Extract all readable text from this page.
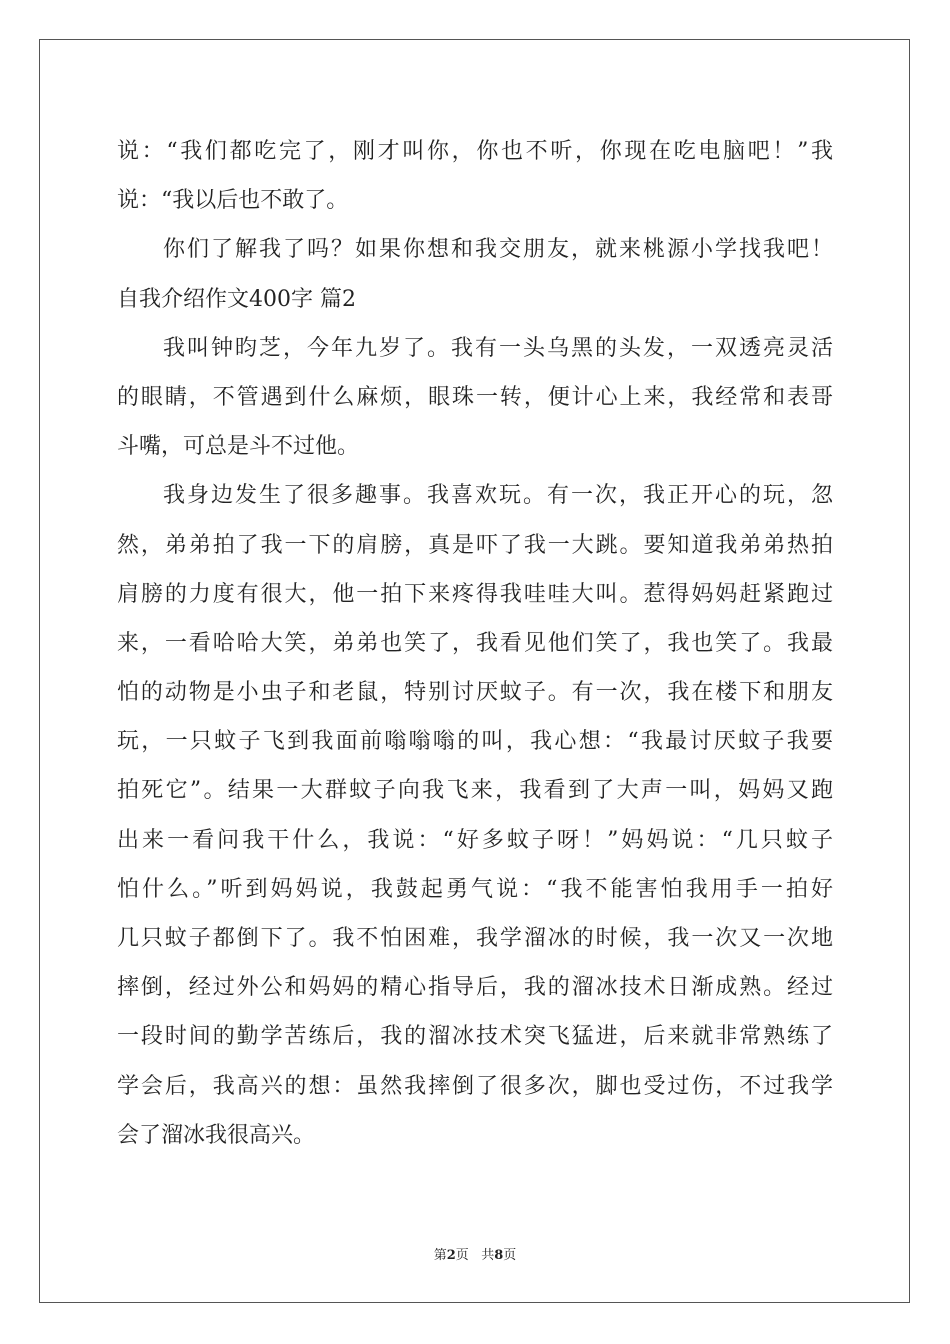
说：“我们都吃完了，刚才叫你，你也不听，你现在吃电脑吧！”我
说：“我以后也不敢了。
你们了解我了吗？如果你想和我交朋友，就来桃源小学找我吧！
自我介绍作文400字 篇2
我叫钟昀芝，今年九岁了。我有一头乌黑的头发，一双透亮灵活
的眼睛，不管遇到什么麻烦，眼珠一转，便计心上来，我经常和表哥
斗嘴，可总是斗不过他。
我身边发生了很多趣事。我喜欢玩。有一次，我正开心的玩，忽
然，弟弟拍了我一下的肩膀，真是吓了我一大跳。要知道我弟弟热拍
肩膀的力度有很大，他一拍下来疼得我哇哇大叫。惹得妈妈赶紧跑过
来，一看哈哈大笑，弟弟也笑了，我看见他们笑了，我也笑了。我最
怕的动物是小虫子和老鼠，特别讨厌蚊子。有一次，我在楼下和朋友
玩，一只蚊子飞到我面前嗡嗡嗡的叫，我心想：“我最讨厌蚊子我要
拍死它”。结果一大群蚊子向我飞来，我看到了大声一叫，妈妈又跑
出来一看问我干什么，我说：“好多蚊子呀！”妈妈说：“几只蚊子
怕什么。”听到妈妈说，我鼓起勇气说：“我不能害怕我用手一拍好
几只蚊子都倒下了。我不怕困难，我学溜冰的时候，我一次又一次地
摔倒，经过外公和妈妈的精心指导后，我的溜冰技术日渐成熟。经过
一段时间的勤学苦练后，我的溜冰技术突飞猛进，后来就非常熟练了
学会后，我高兴的想：虽然我摔倒了很多次，脚也受过伤，不过我学
会了溜冰我很高兴。
第2页 共8页
